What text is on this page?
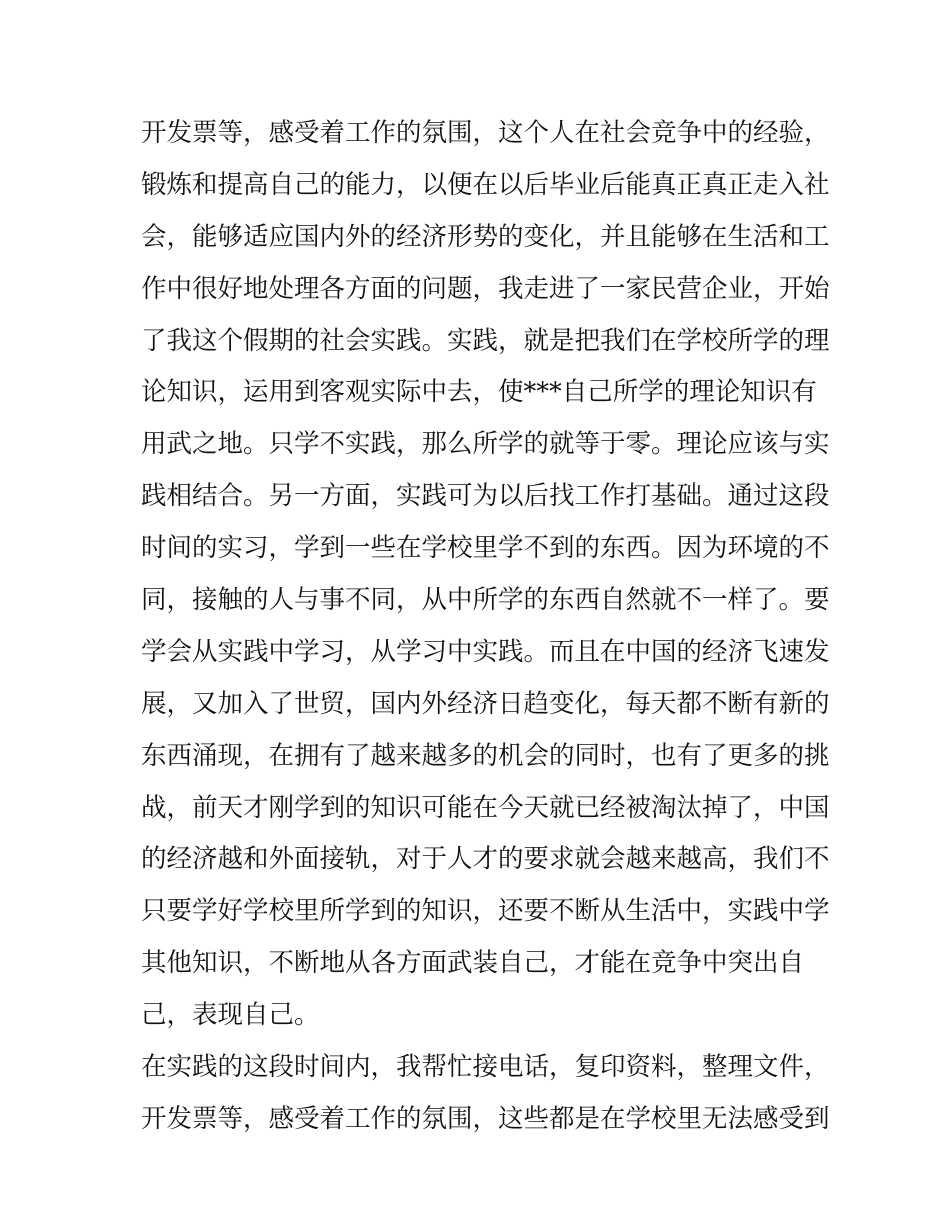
开发票等，感受着工作的氛围，这个人在社会竞争中的经验，
锻炼和提高自己的能力，以便在以后毕业后能真正真正走入社
会，能够适应国内外的经济形势的变化，并且能够在生活和工
作中很好地处理各方面的问题，我走进了一家民营企业，开始
了我这个假期的社会实践。实践，就是把我们在学校所学的理
论知识，运用到客观实际中去，使***自己所学的理论知识有
用武之地。只学不实践，那么所学的就等于零。理论应该与实
践相结合。另一方面，实践可为以后找工作打基础。通过这段
时间的实习，学到一些在学校里学不到的东西。因为环境的不
同，接触的人与事不同，从中所学的东西自然就不一样了。要
学会从实践中学习，从学习中实践。而且在中国的经济飞速发
展，又加入了世贸，国内外经济日趋变化，每天都不断有新的
东西涌现，在拥有了越来越多的机会的同时，也有了更多的挑
战，前天才刚学到的知识可能在今天就已经被淘汰掉了，中国
的经济越和外面接轨，对于人才的要求就会越来越高，我们不
只要学好学校里所学到的知识，还要不断从生活中，实践中学
其他知识，不断地从各方面武装自己，才能在竞争中突出自
己，表现自己。
在实践的这段时间内，我帮忙接电话，复印资料，整理文件，
开发票等，感受着工作的氛围，这些都是在学校里无法感受到
